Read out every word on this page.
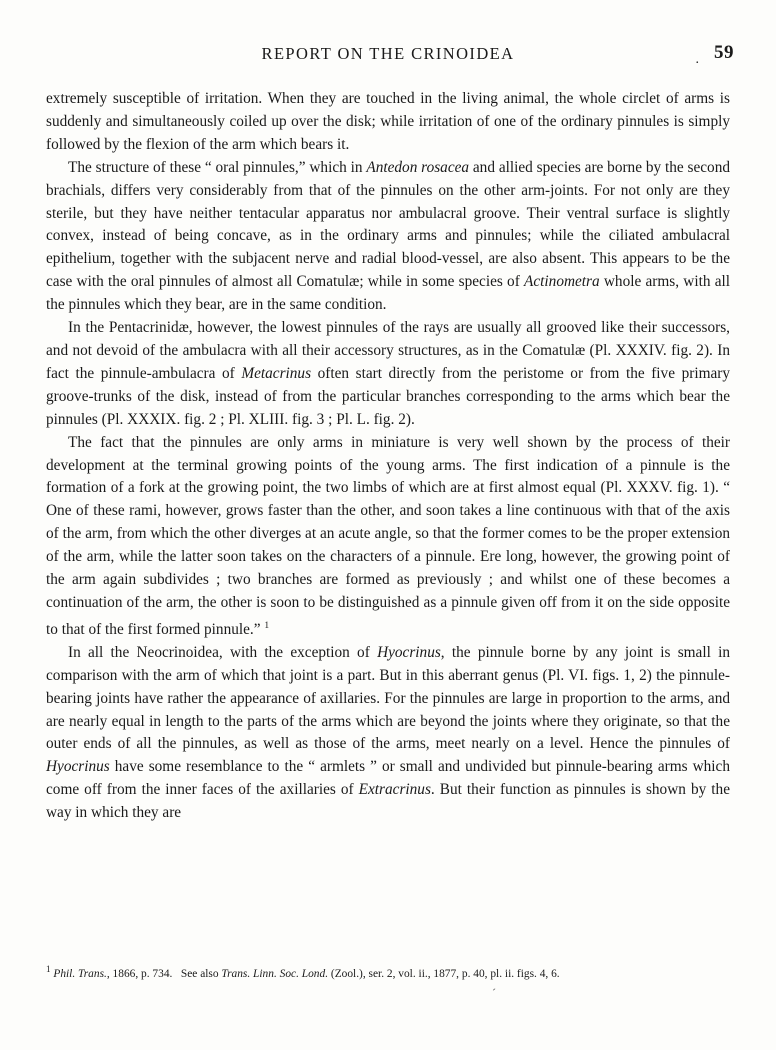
REPORT ON THE CRINOIDEA	. 59

extremely susceptible of irritation. When they are touched in the living animal, the whole circlet of arms is suddenly and simultaneously coiled up over the disk; while irritation of one of the ordinary pinnules is simply followed by the flexion of the arm which bears it.

The structure of these “ oral pinnules,” which in Antedon rosacea and allied species are borne by the second brachials, differs very considerably from that of the pinnules on the other arm-joints. For not only are they sterile, but they have neither tentacular apparatus nor ambulacral groove. Their ventral surface is slightly convex, instead of being concave, as in the ordinary arms and pinnules; while the ciliated ambulacral epithelium, together with the subjacent nerve and radial blood-vessel, are also absent. This appears to be the case with the oral pinnules of almost all Comatulæ; while in some species of Actinometra whole arms, with all the pinnules which they bear, are in the same condition.

In the Pentacrinidæ, however, the lowest pinnules of the rays are usually all grooved like their successors, and not devoid of the ambulacra with all their accessory structures, as in the Comatulæ (Pl. XXXIV. fig. 2). In fact the pinnule-ambulacra of Metacrinus often start directly from the peristome or from the five primary groove-trunks of the disk, instead of from the particular branches corresponding to the arms which bear the pinnules (Pl. XXXIX. fig. 2 ; Pl. XLIII. fig. 3 ; Pl. L. fig. 2).

The fact that the pinnules are only arms in miniature is very well shown by the process of their development at the terminal growing points of the young arms. The first indication of a pinnule is the formation of a fork at the growing point, the two limbs of which are at first almost equal (Pl. XXXV. fig. 1). “ One of these rami, however, grows faster than the other, and soon takes a line continuous with that of the axis of the arm, from which the other diverges at an acute angle, so that the former comes to be the proper extension of the arm, while the latter soon takes on the characters of a pinnule. Ere long, however, the growing point of the arm again subdivides ; two branches are formed as previously ; and whilst one of these becomes a continuation of the arm, the other is soon to be distinguished as a pinnule given off from it on the side opposite to that of the first formed pinnule.” $^1$

In all the Neocrinoidea, with the exception of Hyocrinus, the pinnule borne by any joint is small in comparison with the arm of which that joint is a part. But in this aberrant genus (Pl. VI. figs. 1, 2) the pinnule-bearing joints have rather the appearance of axillaries. For the pinnules are large in proportion to the arms, and are nearly equal in length to the parts of the arms which are beyond the joints where they originate, so that the outer ends of all the pinnules, as well as those of the arms, meet nearly on a level. Hence the pinnules of Hyocrinus have some resemblance to the “ armlets ” or small and undivided but pinnule-bearing arms which come off from the inner faces of the axillaries of Extracrinus. But their function as pinnules is shown by the way in which they are

$^1$ Phil. Trans., 1866, p. 734.   See also Trans. Linn. Soc. Lond. (Zool.), ser. 2, vol. ii., 1877, p. 40, pl. ii. figs. 4, 6.
ˊ
